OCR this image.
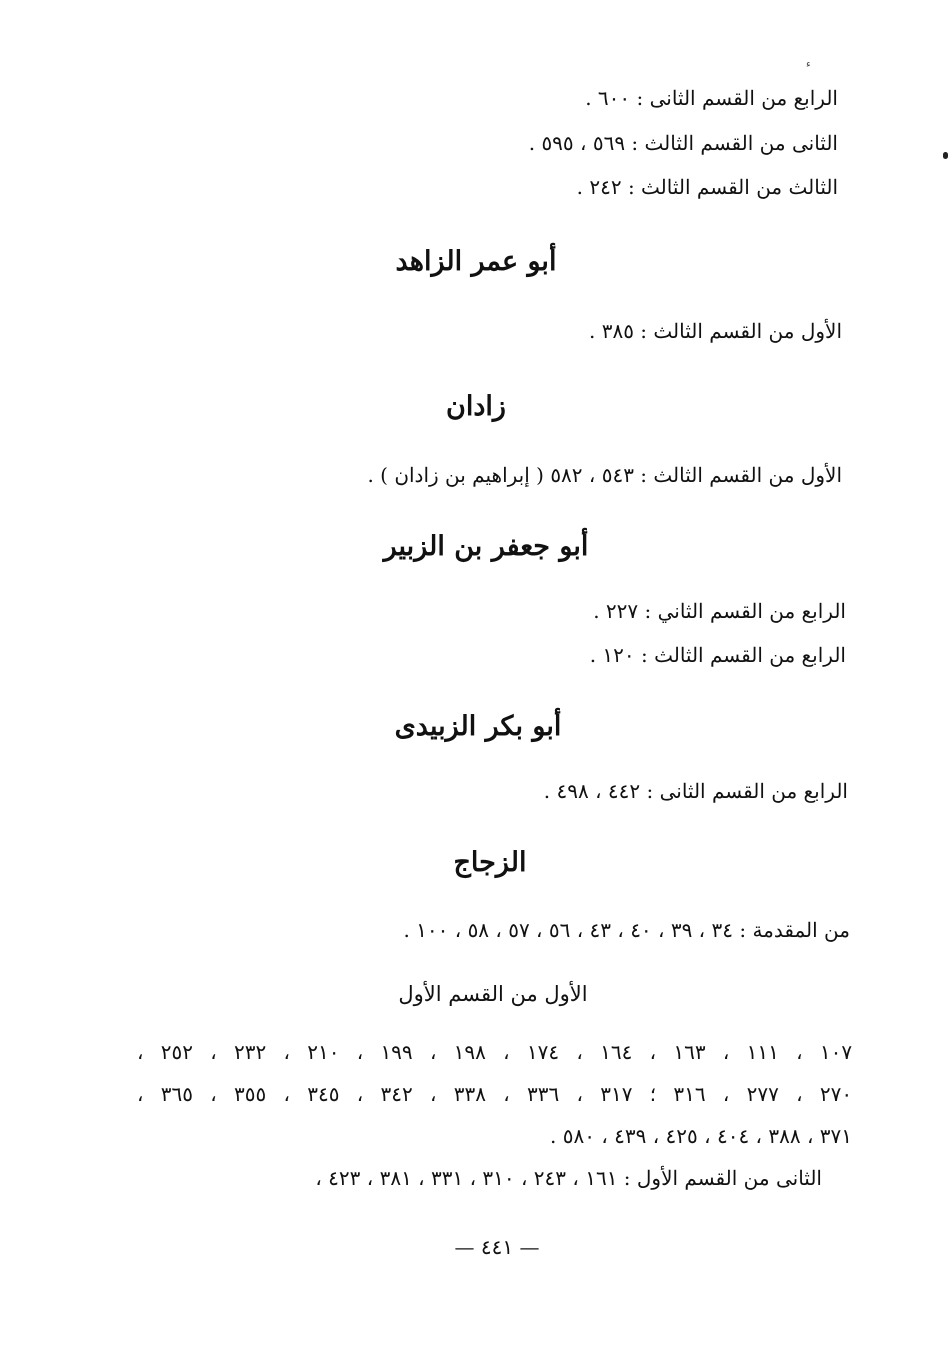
ء
الرابع من القسم الثانى : ٦٠٠ .
الثانى من القسم الثالث : ٥٦٩ ، ٥٩٥ .
الثالث من القسم الثالث : ٢٤٢ .
أبو عمر الزاهد
الأول من القسم الثالث : ٣٨٥ .
زادان
الأول من القسم الثالث : ٥٤٣ ، ٥٨٢ ( إبراهيم بن زادان ) .
أبو جعفر بن الزبير
الرابع من القسم الثاني : ٢٢٧ .
الرابع من القسم الثالث : ١٢٠ .
أبو بكر الزبيدى
الرابع من القسم الثانى : ٤٤٢ ، ٤٩٨ .
الزجاج
من المقدمة : ٣٤ ، ٣٩ ، ٤٠ ، ٤٣ ، ٥٦ ، ٥٧ ، ٥٨ ، ١٠٠ .
الأول من القسم الأول
١٠٧ ، ١١١ ، ١٦٣ ، ١٦٤ ، ١٧٤ ، ١٩٨ ، ١٩٩ ، ٢١٠ ، ٢٣٢ ، ٢٥٢ ،
٢٧٠ ، ٢٧٧ ، ٣١٦ ؛ ٣١٧ ، ٣٣٦ ، ٣٣٨ ، ٣٤٢ ، ٣٤٥ ، ٣٥٥ ، ٣٦٥ ،
٣٧١ ، ٣٨٨ ، ٤٠٤ ، ٤٢٥ ، ٤٣٩ ، ٥٨٠ .
الثانى من القسم الأول : ١٦١ ، ٢٤٣ ، ٣١٠ ، ٣٣١ ، ٣٨١ ، ٤٢٣ ،
— ٤٤١ —
